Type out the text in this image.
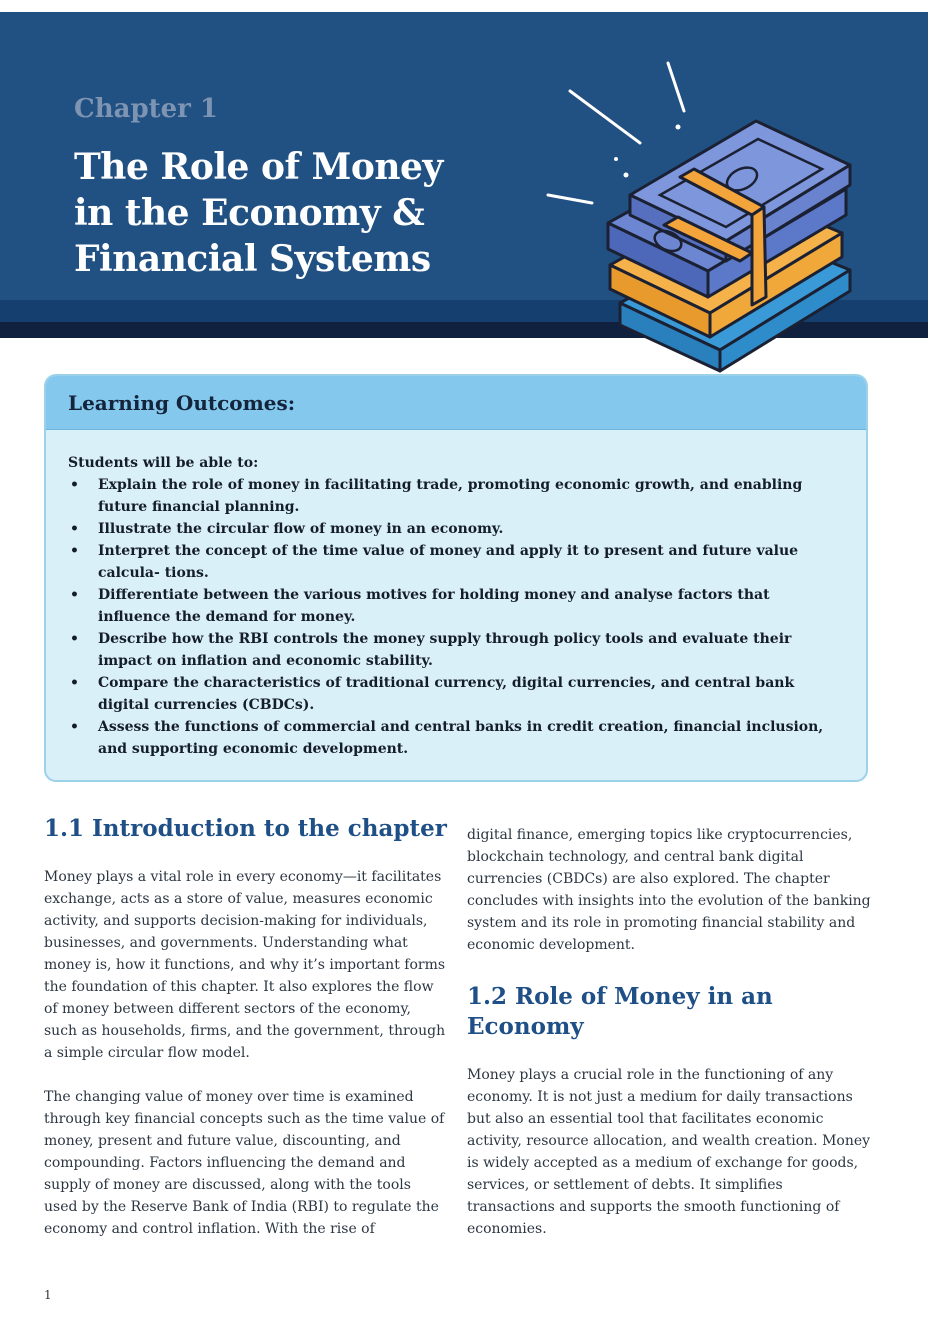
Chapter 1
The Role of Money
in the Economy &
Financial Systems
Learning Outcomes:

Students will be able to:

• Explain the role of money in facilitating trade, promoting economic growth, and enabling future financial planning.
• Illustrate the circular flow of money in an economy.
• Interpret the concept of the time value of money and apply it to present and future value calcula- tions.
• Differentiate between the various motives for holding money and analyse factors that influence the demand for money.
• Describe how the RBI controls the money supply through policy tools and evaluate their impact on inflation and economic stability.
• Compare the characteristics of traditional currency, digital currencies, and central bank digital currencies (CBDCs).
• Assess the functions of commercial and central banks in credit creation, financial inclusion, and supporting economic development.
1.1 Introduction to the chapter

Money plays a vital role in every economy—it facilitates exchange, acts as a store of value, measures economic activity, and supports decision-making for individuals, businesses, and governments. Understanding what money is, how it functions, and why it’s important forms the foundation of this chapter. It also explores the flow of money between different sectors of the economy, such as households, firms, and the government, through a simple circular flow model.

The changing value of money over time is examined through key financial concepts such as the time value of money, present and future value, discounting, and compounding. Factors influencing the demand and supply of money are discussed, along with the tools used by the Reserve Bank of India (RBI) to regulate the economy and control inflation. With the rise of

digital finance, emerging topics like cryptocurrencies, blockchain technology, and central bank digital currencies (CBDCs) are also explored. The chapter concludes with insights into the evolution of the banking system and its role in promoting financial stability and economic development.

1.2 Role of Money in an
Economy

Money plays a crucial role in the functioning of any economy. It is not just a medium for daily transactions but also an essential tool that facilitates economic activity, resource allocation, and wealth creation. Money is widely accepted as a medium of exchange for goods, services, or settlement of debts. It simplifies transactions and supports the smooth functioning of economies.

1
